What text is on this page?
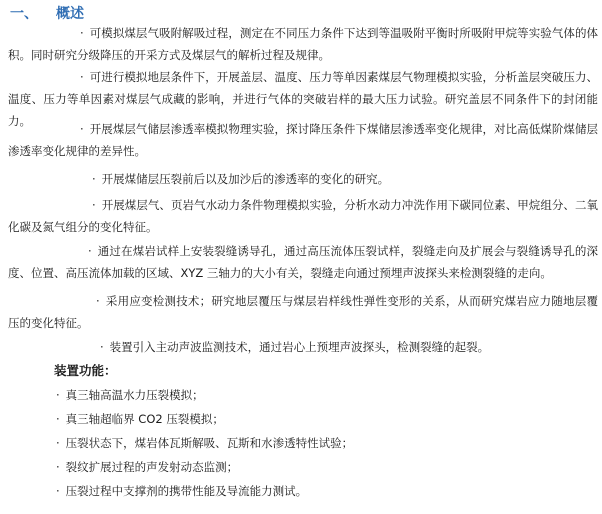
一、 概述

· 可模拟煤层气吸附解吸过程，测定在不同压力条件下达到等温吸附平衡时所吸附甲烷等实验气体的体积。同时研究分级降压的开采方式及煤层气的解析过程及规律。

· 可进行模拟地层条件下，开展盖层、温度、压力等单因素煤层气物理模拟实验，分析盖层突破压力、温度、压力等单因素对煤层气成藏的影响，并进行气体的突破岩样的最大压力试验。研究盖层不同条件下的封闭能力。

· 开展煤层气储层渗透率模拟物理实验，探讨降压条件下煤储层渗透率变化规律，对比高低煤阶煤储层渗透率变化规律的差异性。

· 开展煤储层压裂前后以及加沙后的渗透率的变化的研究。

· 开展煤层气、页岩气水动力条件物理模拟实验，分析水动力冲洗作用下碳同位素、甲烷组分、二氧化碳及氮气组分的变化特征。

· 通过在煤岩试样上安装裂缝诱导孔，通过高压流体压裂试样，裂缝走向及扩展会与裂缝诱导孔的深度、位置、高压流体加载的区域、XYZ 三轴力的大小有关，裂缝走向通过预埋声波探头来检测裂缝的走向。

· 采用应变检测技术；研究地层覆压与煤层岩样线性弹性变形的关系，从而研究煤岩应力随地层覆压的变化特征。

· 装置引入主动声波监测技术，通过岩心上预埋声波探头，检测裂缝的起裂。

装置功能：
· 真三轴高温水力压裂模拟；
· 真三轴超临界 CO2 压裂模拟；
· 压裂状态下，煤岩体瓦斯解吸、瓦斯和水渗透特性试验；
· 裂纹扩展过程的声发射动态监测；
· 压裂过程中支撑剂的携带性能及导流能力测试。
